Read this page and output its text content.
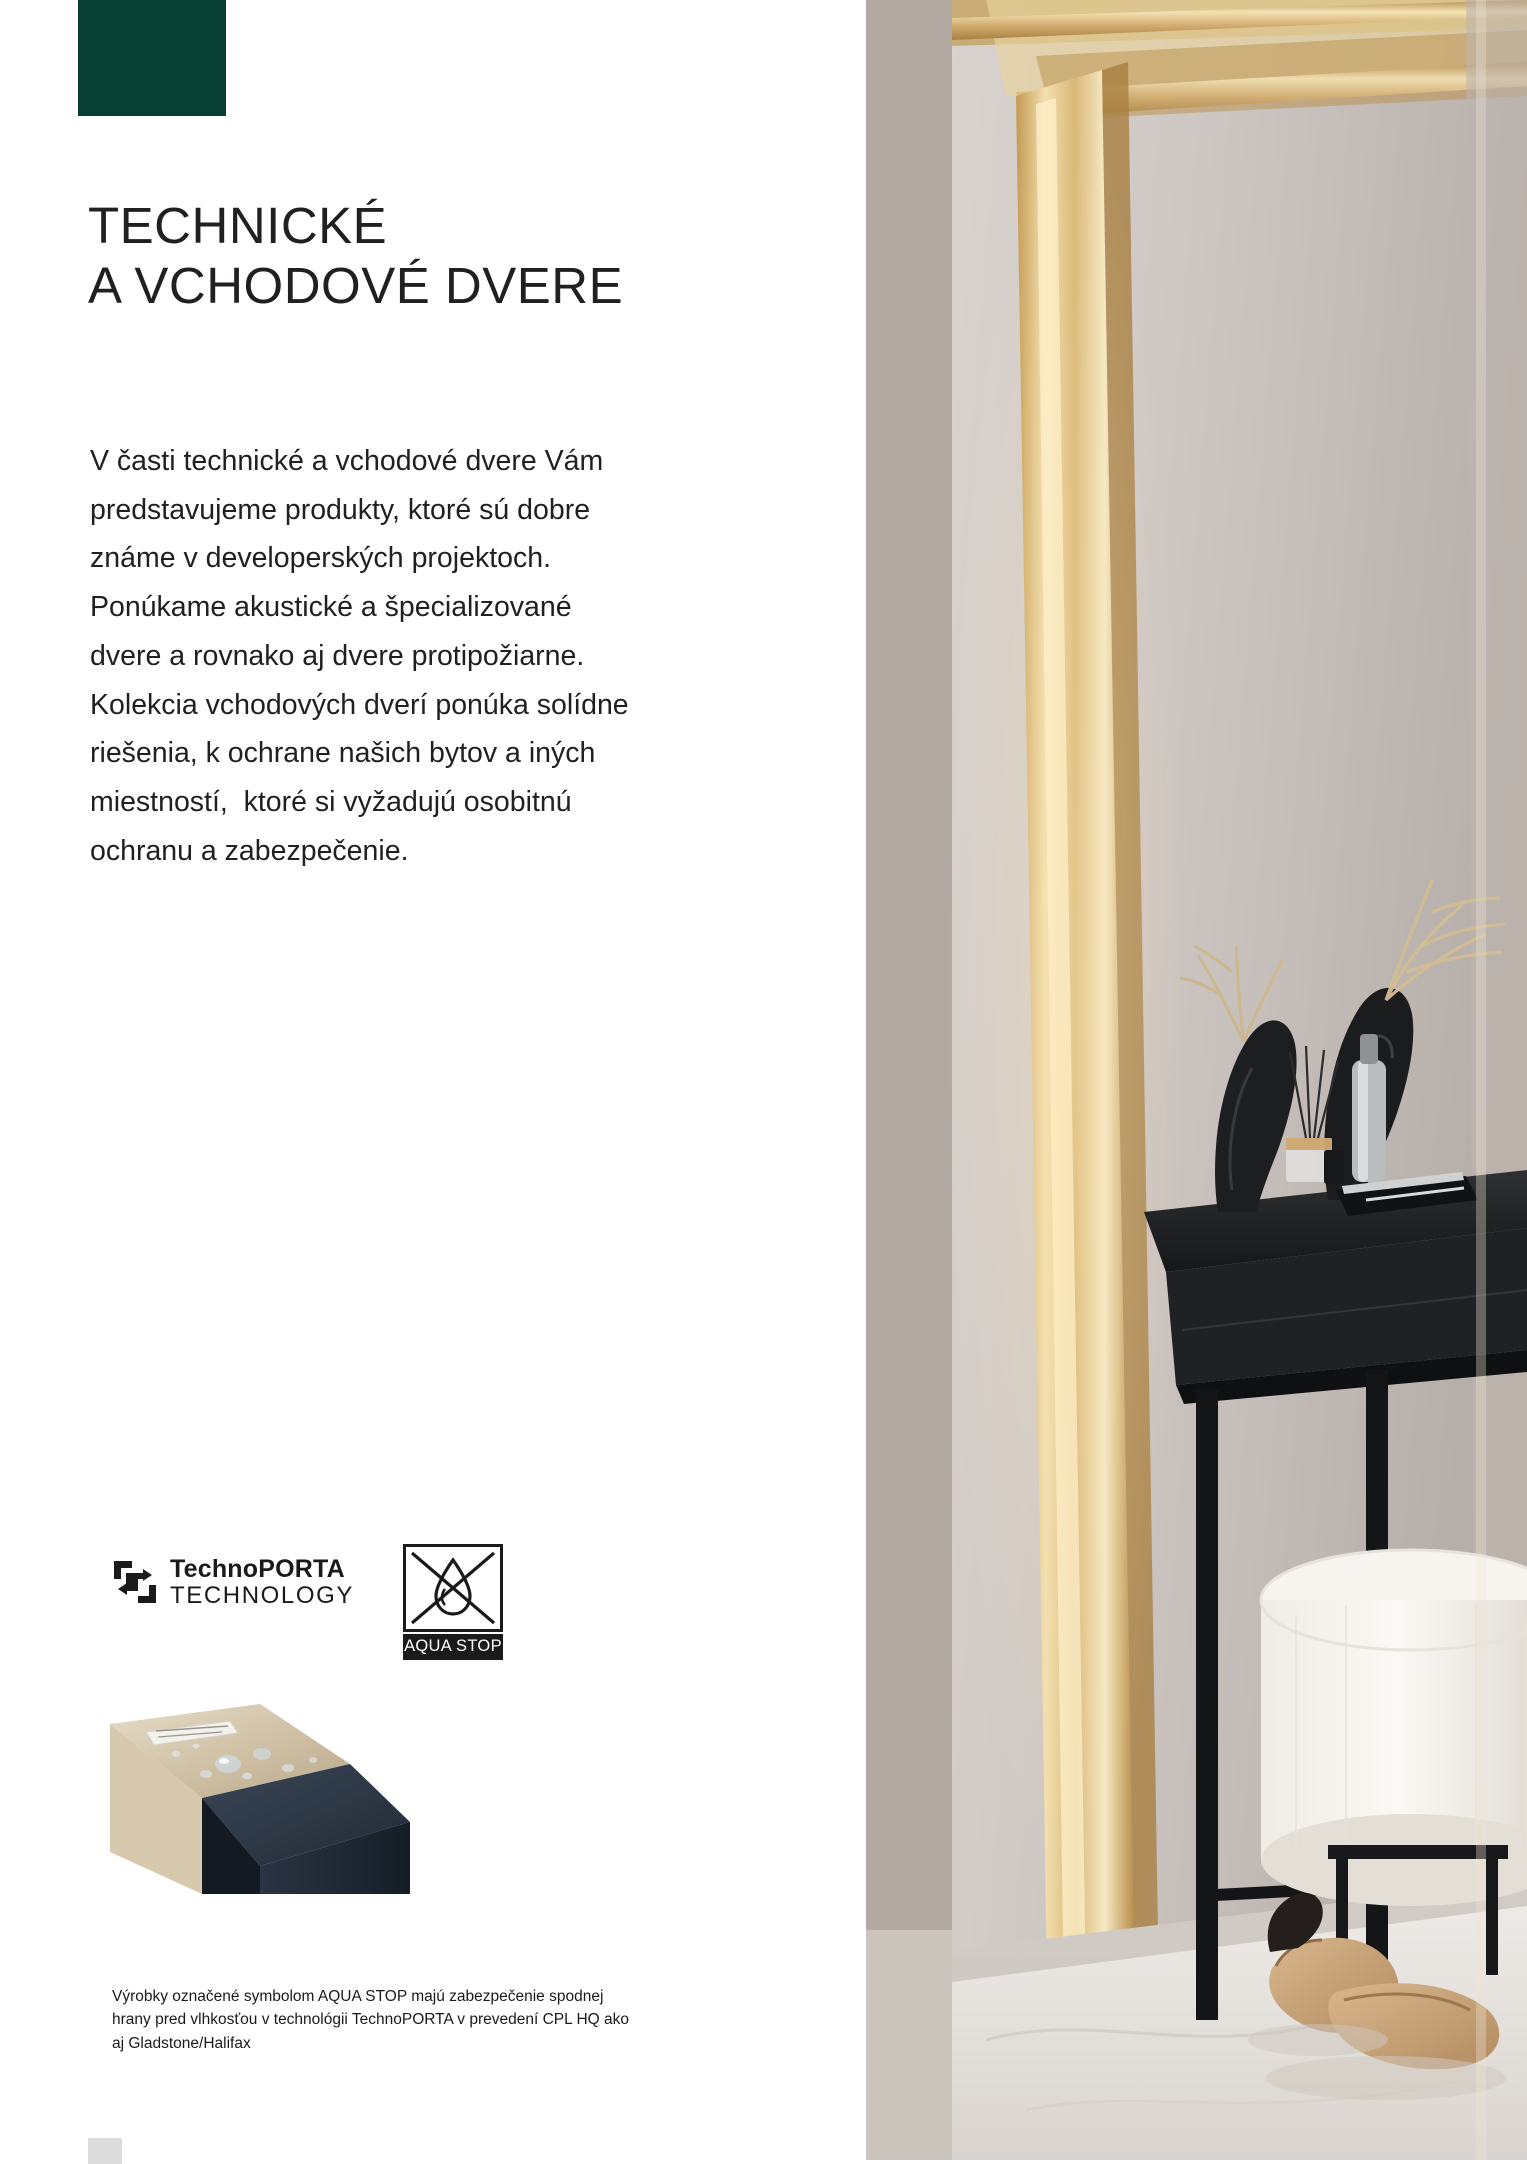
TECHNICKÉ
A VCHODOVÉ DVERE
V časti technické a vchodové dvere Vám
predstavujeme produkty, ktoré sú dobre
známe v developerských projektoch.
Ponúkame akustické a špecializované
dvere a rovnako aj dvere protipožiarne.
Kolekcia vchodových dverí ponúka solídne
riešenia, k ochrane našich bytov a iných
miestností,  ktoré si vyžadujú osobitnú
ochranu a zabezpečenie.
TechnoPORTA
TECHNOLOGY
AQUA STOP
Výrobky označené symbolom AQUA STOP majú zabezpečenie spodnej
hrany pred vlhkosťou v technológii TechnoPORTA v prevedení CPL HQ ako
aj Gladstone/Halifax
